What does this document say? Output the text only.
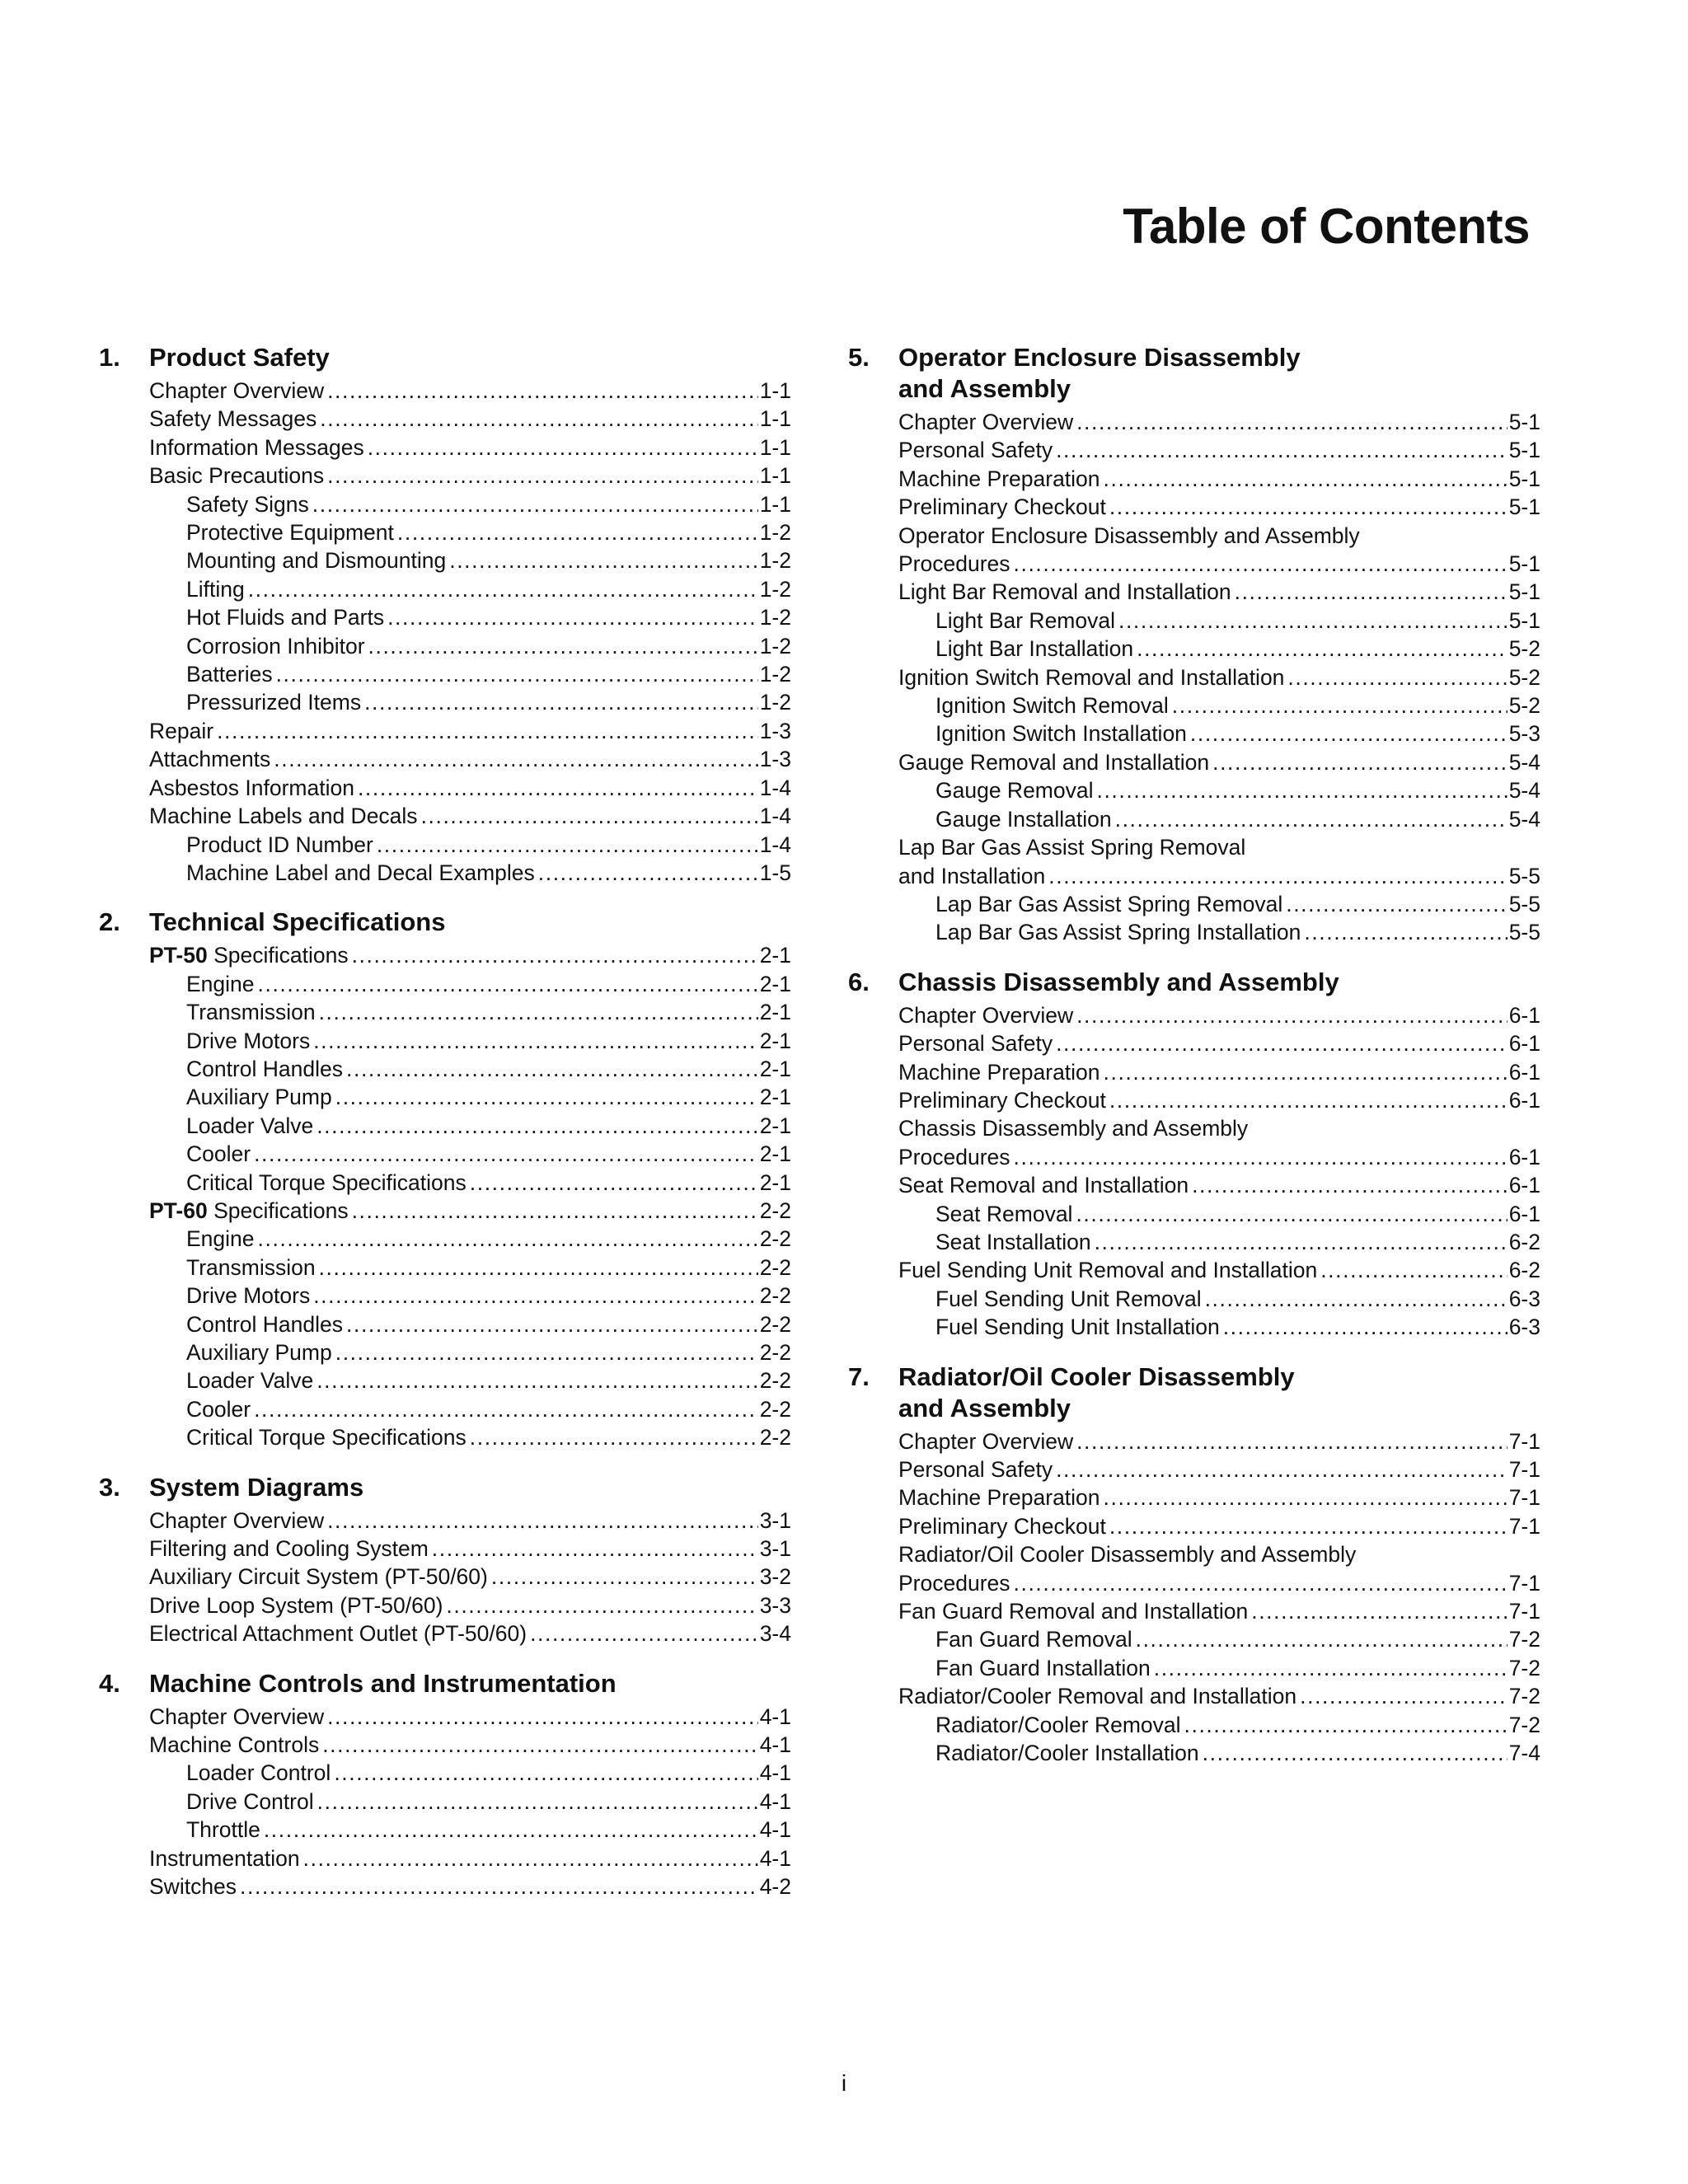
Table of Contents
1. Product Safety
Chapter Overview .....	1-1
Safety Messages .....	1-1
Information Messages .....	1-1
Basic Precautions .....	1-1
Safety Signs .....	1-1
Protective Equipment .....	1-2
Mounting and Dismounting .....	1-2
Lifting .....	1-2
Hot Fluids and Parts .....	1-2
Corrosion Inhibitor .....	1-2
Batteries .....	1-2
Pressurized Items .....	1-2
Repair .....	1-3
Attachments .....	1-3
Asbestos Information .....	1-4
Machine Labels and Decals .....	1-4
Product ID Number .....	1-4
Machine Label and Decal Examples .....	1-5
2. Technical Specifications
PT-50 Specifications .....	2-1
Engine .....	2-1
Transmission .....	2-1
Drive Motors .....	2-1
Control Handles .....	2-1
Auxiliary Pump .....	2-1
Loader Valve .....	2-1
Cooler .....	2-1
Critical Torque Specifications .....	2-1
PT-60 Specifications .....	2-2
Engine .....	2-2
Transmission .....	2-2
Drive Motors .....	2-2
Control Handles .....	2-2
Auxiliary Pump .....	2-2
Loader Valve .....	2-2
Cooler .....	2-2
Critical Torque Specifications .....	2-2
3. System Diagrams
Chapter Overview .....	3-1
Filtering and Cooling System .....	3-1
Auxiliary Circuit System (PT-50/60) .....	3-2
Drive Loop System (PT-50/60) .....	3-3
Electrical Attachment Outlet (PT-50/60) .....	3-4
4. Machine Controls and Instrumentation
Chapter Overview .....	4-1
Machine Controls .....	4-1
Loader Control .....	4-1
Drive Control .....	4-1
Throttle .....	4-1
Instrumentation .....	4-1
Switches .....	4-2
5. Operator Enclosure Disassembly
and Assembly
Chapter Overview .....	5-1
Personal Safety .....	5-1
Machine Preparation .....	5-1
Preliminary Checkout .....	5-1
Operator Enclosure Disassembly and Assembly
Procedures .....	5-1
Light Bar Removal and Installation .....	5-1
Light Bar Removal .....	5-1
Light Bar Installation .....	5-2
Ignition Switch Removal and Installation .....	5-2
Ignition Switch Removal .....	5-2
Ignition Switch Installation .....	5-3
Gauge Removal and Installation .....	5-4
Gauge Removal .....	5-4
Gauge Installation .....	5-4
Lap Bar Gas Assist Spring Removal
and Installation .....	5-5
Lap Bar Gas Assist Spring Removal .....	5-5
Lap Bar Gas Assist Spring Installation .....	5-5
6. Chassis Disassembly and Assembly
Chapter Overview .....	6-1
Personal Safety .....	6-1
Machine Preparation .....	6-1
Preliminary Checkout .....	6-1
Chassis Disassembly and Assembly
Procedures .....	6-1
Seat Removal and Installation .....	6-1
Seat Removal .....	6-1
Seat Installation .....	6-2
Fuel Sending Unit Removal and Installation .....	6-2
Fuel Sending Unit Removal .....	6-3
Fuel Sending Unit Installation .....	6-3
7. Radiator/Oil Cooler Disassembly
and Assembly
Chapter Overview .....	7-1
Personal Safety .....	7-1
Machine Preparation .....	7-1
Preliminary Checkout .....	7-1
Radiator/Oil Cooler Disassembly and Assembly
Procedures .....	7-1
Fan Guard Removal and Installation .....	7-1
Fan Guard Removal .....	7-2
Fan Guard Installation .....	7-2
Radiator/Cooler Removal and Installation .....	7-2
Radiator/Cooler Removal .....	7-2
Radiator/Cooler Installation .....	7-4
i
